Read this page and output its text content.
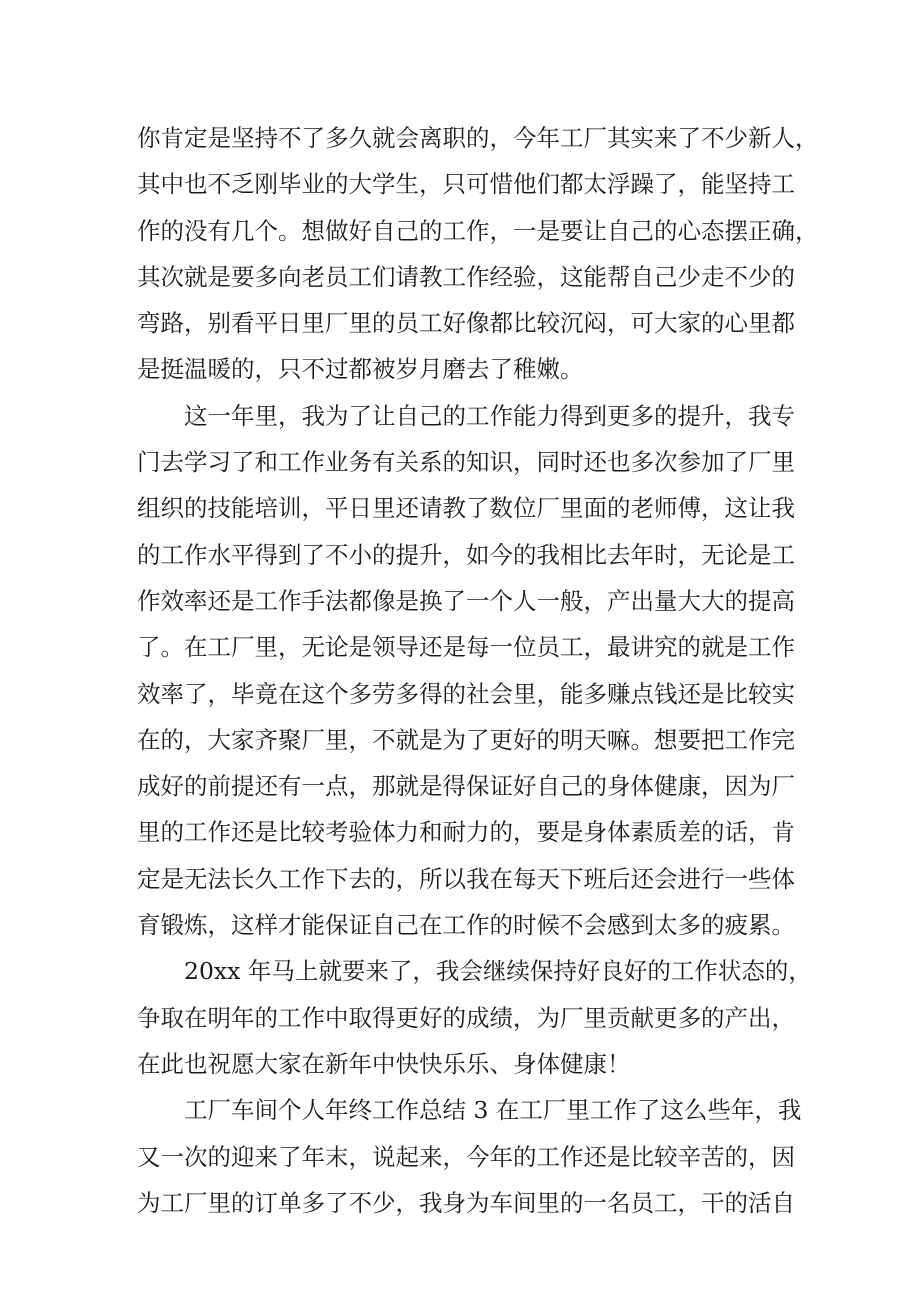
你肯定是坚持不了多久就会离职的，今年工厂其实来了不少新人，
其中也不乏刚毕业的大学生，只可惜他们都太浮躁了，能坚持工
作的没有几个。想做好自己的工作，一是要让自己的心态摆正确，
其次就是要多向老员工们请教工作经验，这能帮自己少走不少的
弯路，别看平日里厂里的员工好像都比较沉闷，可大家的心里都
是挺温暖的，只不过都被岁月磨去了稚嫩。
这一年里，我为了让自己的工作能力得到更多的提升，我专
门去学习了和工作业务有关系的知识，同时还也多次参加了厂里
组织的技能培训，平日里还请教了数位厂里面的老师傅，这让我
的工作水平得到了不小的提升，如今的我相比去年时，无论是工
作效率还是工作手法都像是换了一个人一般，产出量大大的提高
了。在工厂里，无论是领导还是每一位员工，最讲究的就是工作
效率了，毕竟在这个多劳多得的社会里，能多赚点钱还是比较实
在的，大家齐聚厂里，不就是为了更好的明天嘛。想要把工作完
成好的前提还有一点，那就是得保证好自己的身体健康，因为厂
里的工作还是比较考验体力和耐力的，要是身体素质差的话，肯
定是无法长久工作下去的，所以我在每天下班后还会进行一些体
育锻炼，这样才能保证自己在工作的时候不会感到太多的疲累。
20xx 年马上就要来了，我会继续保持好良好的工作状态的，
争取在明年的工作中取得更好的成绩，为厂里贡献更多的产出，
在此也祝愿大家在新年中快快乐乐、身体健康！
工厂车间个人年终工作总结 3 在工厂里工作了这么些年，我
又一次的迎来了年末，说起来，今年的工作还是比较辛苦的，因
为工厂里的订单多了不少，我身为车间里的一名员工，干的活自
